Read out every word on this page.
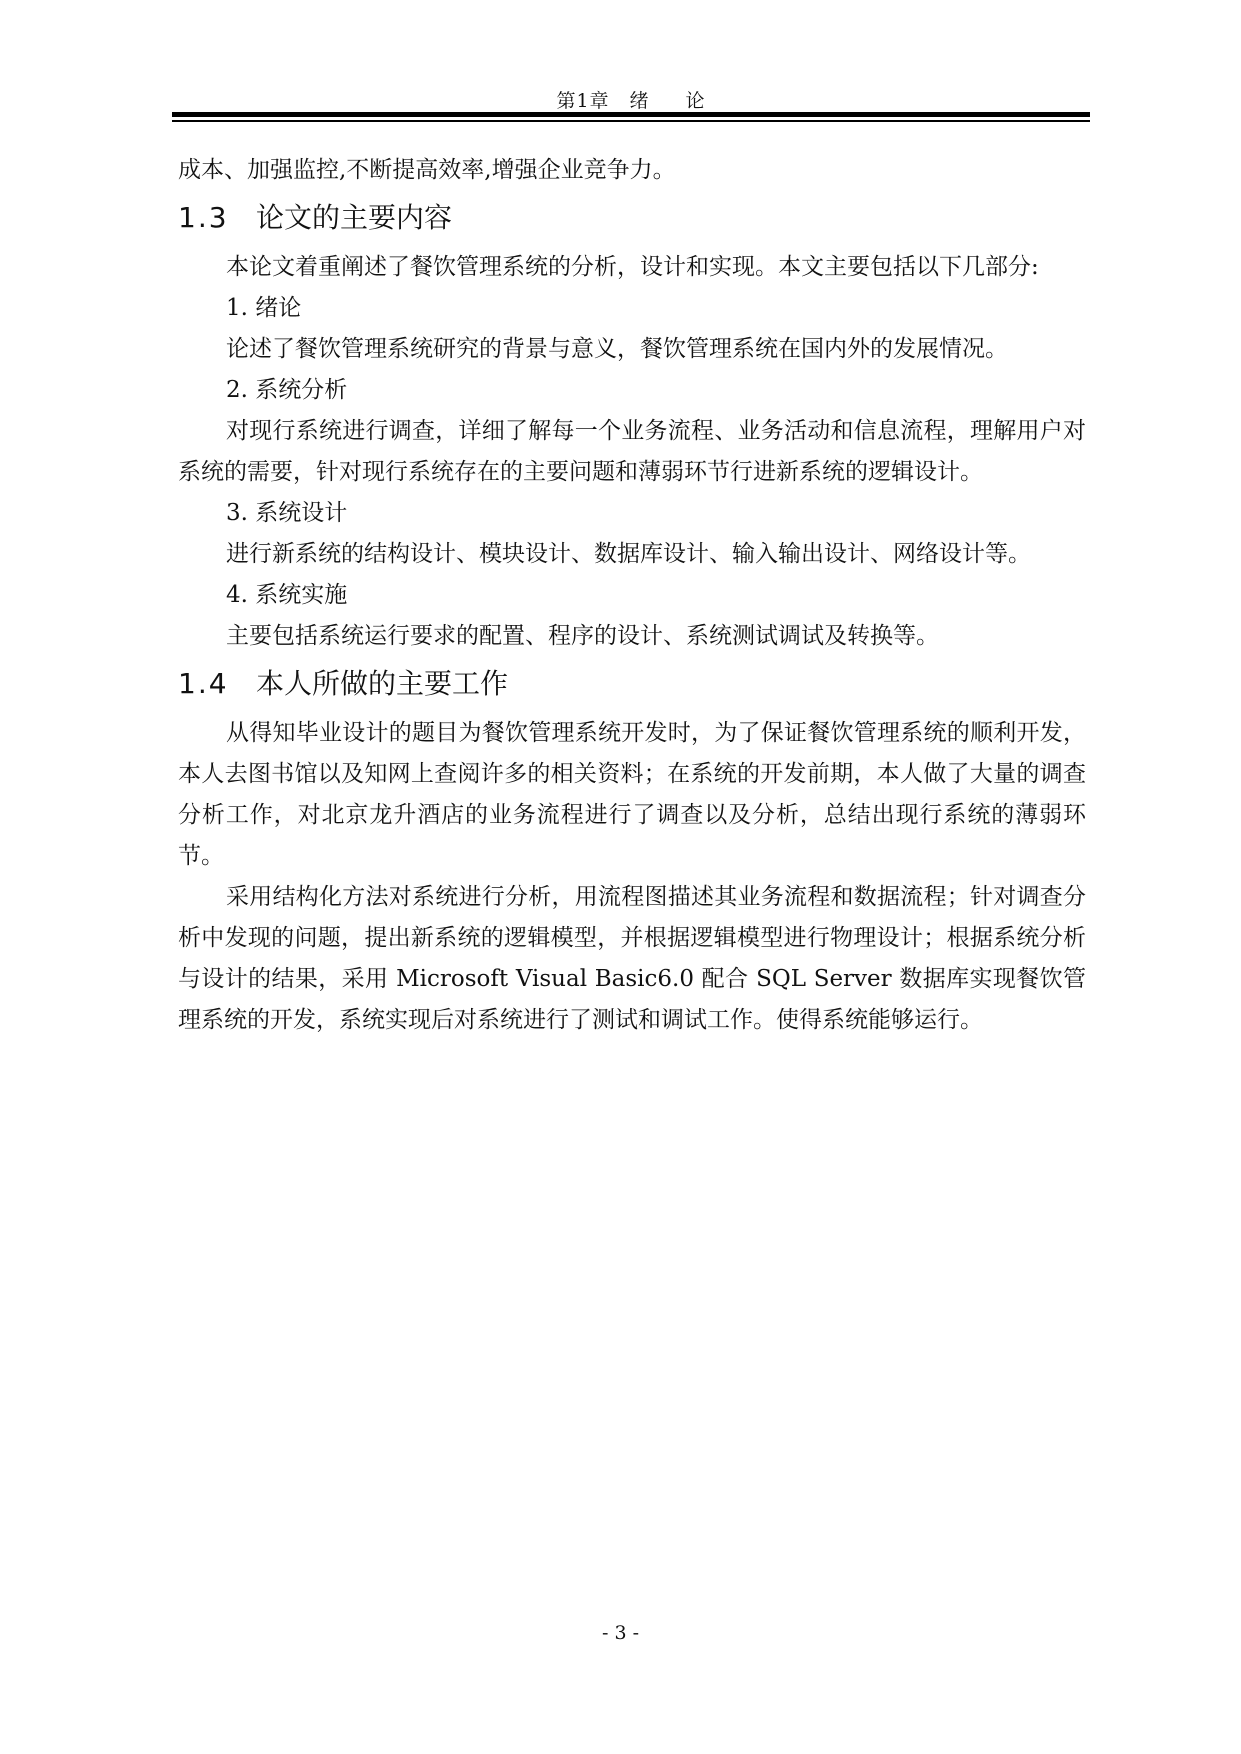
第1章 绪 论

成本、加强监控,不断提高效率,增强企业竞争力。

1.3 论文的主要内容

本论文着重阐述了餐饮管理系统的分析，设计和实现。本文主要包括以下几部分:

1. 绪论

论述了餐饮管理系统研究的背景与意义，餐饮管理系统在国内外的发展情况。

2. 系统分析

对现行系统进行调查，详细了解每一个业务流程、业务活动和信息流程，理解用户对系统的需要，针对现行系统存在的主要问题和薄弱环节行进新系统的逻辑设计。

3. 系统设计

进行新系统的结构设计、模块设计、数据库设计、输入输出设计、网络设计等。

4. 系统实施

主要包括系统运行要求的配置、程序的设计、系统测试调试及转换等。

1.4 本人所做的主要工作

从得知毕业设计的题目为餐饮管理系统开发时，为了保证餐饮管理系统的顺利开发，本人去图书馆以及知网上查阅许多的相关资料；在系统的开发前期，本人做了大量的调查分析工作，对北京龙升酒店的业务流程进行了调查以及分析，总结出现行系统的薄弱环节。

采用结构化方法对系统进行分析，用流程图描述其业务流程和数据流程；针对调查分析中发现的问题，提出新系统的逻辑模型，并根据逻辑模型进行物理设计；根据系统分析与设计的结果，采用 Microsoft Visual Basic6.0 配合 SQL Server 数据库实现餐饮管理系统的开发，系统实现后对系统进行了测试和调试工作。使得系统能够运行。

- 3 -
